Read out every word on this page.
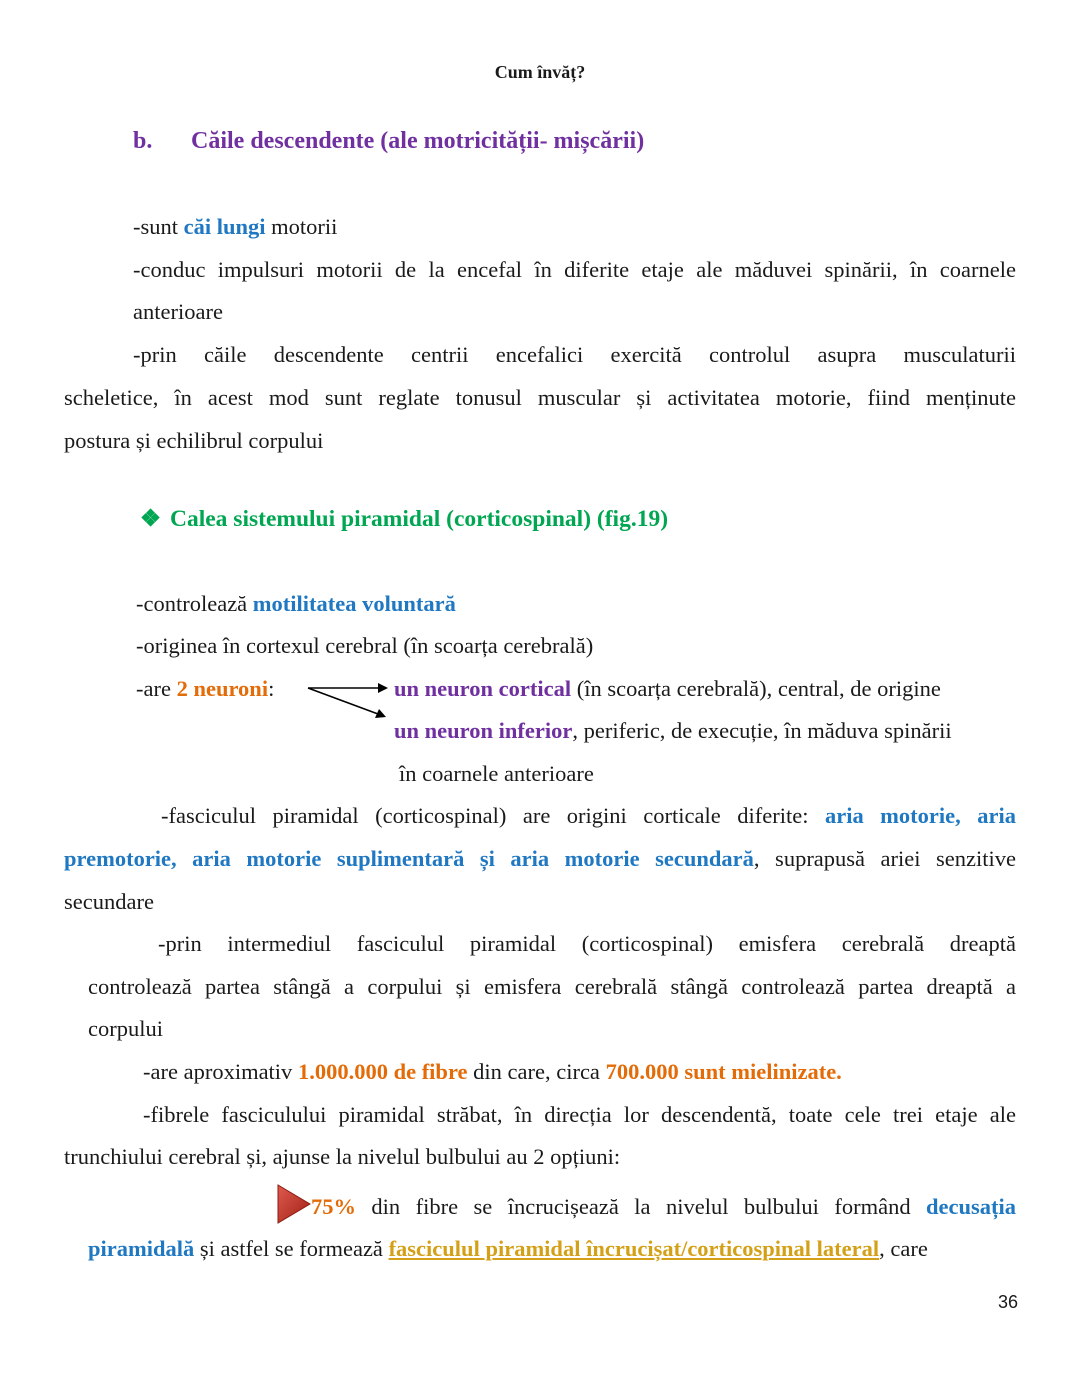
Cum învăț?
b. Căile descendente (ale motricității- mișcării)
-sunt căi lungi motorii
-conduc impulsuri motorii de la encefal în diferite etaje ale măduvei spinării, în coarnele
anterioare
-prin căile descendente centrii encefalici exercită controlul asupra musculaturii
scheletice, în acest mod sunt reglate tonusul muscular și activitatea motorie, fiind menținute
postura și echilibrul corpului
❖ Calea sistemului piramidal (corticospinal) (fig.19)
-controlează motilitatea voluntară
-originea în cortexul cerebral (în scoarța cerebrală)
-are 2 neuroni:	un neuron cortical (în scoarța cerebrală), central, de origine
un neuron inferior, periferic, de execuție, în măduva spinării
în coarnele anterioare
-fasciculul piramidal (corticospinal) are origini corticale diferite: aria motorie, aria
premotorie, aria motorie suplimentară și aria motorie secundară, suprapusă ariei senzitive
secundare
-prin intermediul fasciculul piramidal (corticospinal) emisfera cerebrală dreaptă
controlează partea stângă a corpului și emisfera cerebrală stângă controlează partea dreaptă a
corpului
-are aproximativ 1.000.000 de fibre din care, circa 700.000 sunt mielinizate.
-fibrele fasciculului piramidal străbat, în direcția lor descendentă, toate cele trei etaje ale
trunchiului cerebral și, ajunse la nivelul bulbului au 2 opțiuni:
75% din fibre se încrucișează la nivelul bulbului formând decusația
piramidală și astfel se formează fasciculul piramidal încrucișat/corticospinal lateral, care
36
